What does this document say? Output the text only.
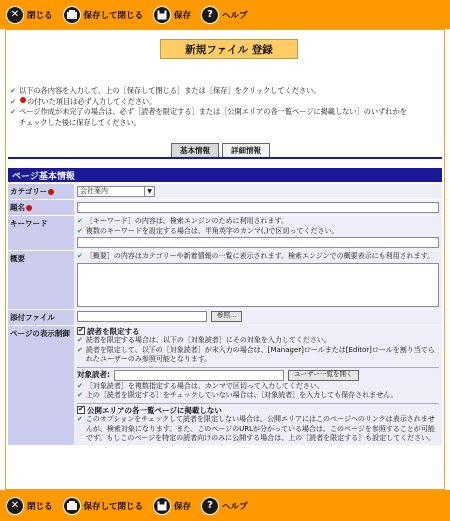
✕ 閉じる	保存して閉じる	保存	?	ヘルプ
新規ファイル 登録
✔ 以下の各内容を入力して、上の［保存して閉じる］または［保存］をクリックしてください。
✔ の付いた項目は必ず入力してください。
✔ ページ作成が未完了の場合は、必ず［読者を限定する］または［公開エリアの各一覧ページに掲載しない］のいずれかを
チェックした後に保存してください。
基本情報	詳細情報
ページ基本情報
カテゴリー	会社案内	▼
題名
キーワード	✔ ［キーワード］の内容は、検索エンジンのために利用されます。
✔ 複数のキーワードを設定する場合は、半角英字のカンマ(,)で区切ってください。
概要	✔ ［概要］の内容はカテゴリーや新着情報の一覧に表示されます。検索エンジンでの概要表示にも利用されます。
添付ファイル	参照...
ページの表示制御	✔ 読者を限定する
✔ 読者を限定する場合は、以下の［対象読者］にその対象を入力してください。
✔ 読者を限定して、以下の［対象読者］が未入力の場合は、[Manager]ロールまたは[Editor]ロールを割り当てられたユーザーのみ参照可能となります。
対象読者:	ユーザー一覧を開く
✔ ［対象読者］を複数指定する場合は、カンマで区切って入力してください。
✔ 上の［読者を限定する］をチェックしていない場合は、［対象読者］を入力しても保存されません。
✔ 公開エリアの各一覧ページに掲載しない
✔ このオプションをチェックして読者を限定しない場合は、公開エリアにはこのページへのリンクは表示されませんが、検索対象になります。また、このページのURLが分かっている場合は、このページを参照することが可能です。もしこのページを特定の読者向けのみに公開する場合は、上の［読者を限定する］も設定してください。
✕ 閉じる	保存して閉じる	保存	?	ヘルプ
